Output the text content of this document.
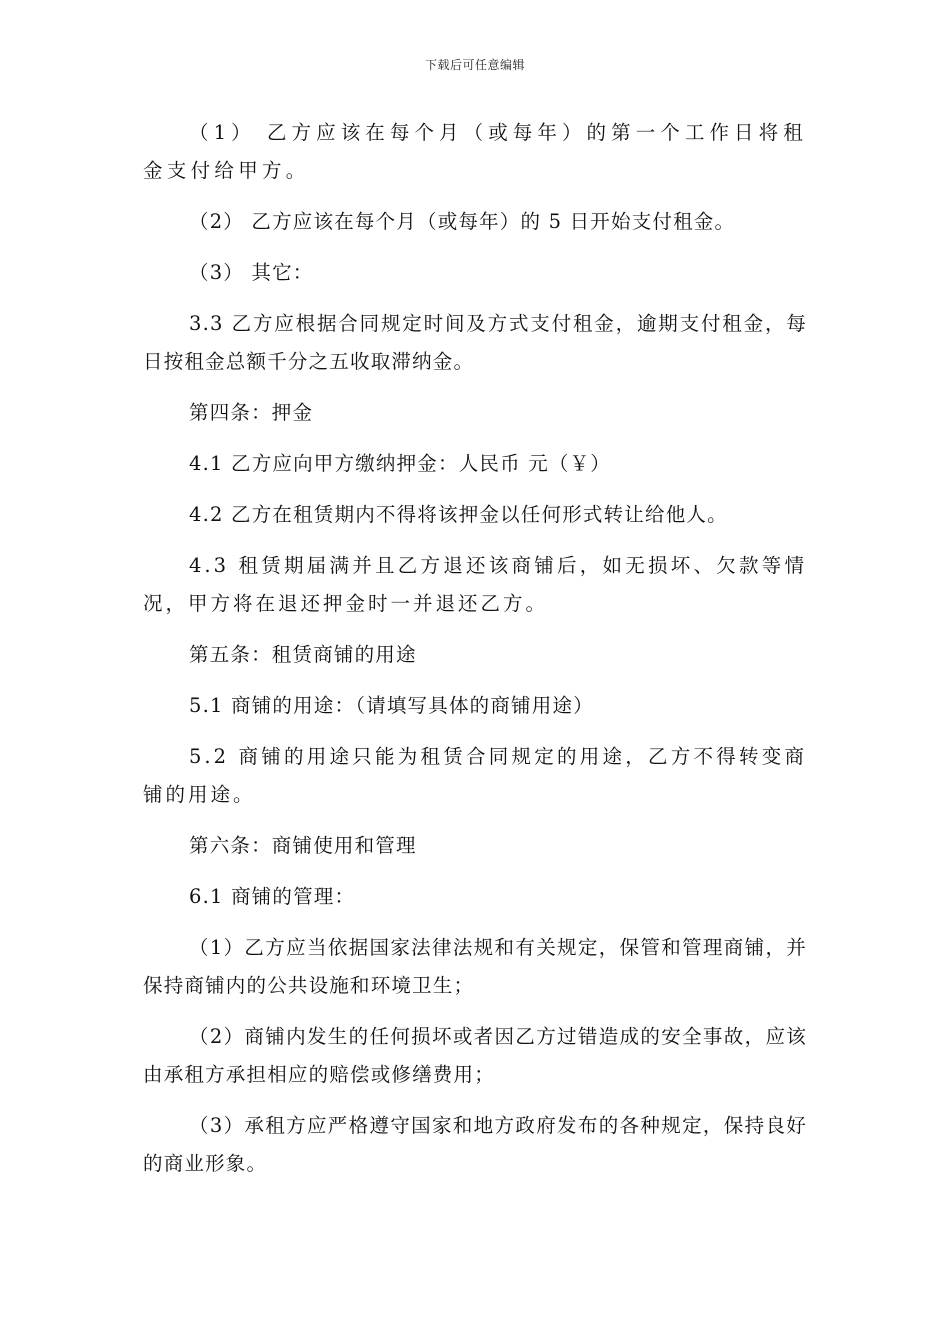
下载后可任意编辑

（1） 乙方应该在每个月（或每年）的第一个工作日将租金支付给甲方。

（2） 乙方应该在每个月（或每年）的 5 日开始支付租金。

（3） 其它：

3.3 乙方应根据合同规定时间及方式支付租金，逾期支付租金，每日按租金总额千分之五收取滞纳金。

第四条：押金

4.1 乙方应向甲方缴纳押金：人民币 元（￥）

4.2 乙方在租赁期内不得将该押金以任何形式转让给他人。

4.3 租赁期届满并且乙方退还该商铺后，如无损坏、欠款等情况，甲方将在退还押金时一并退还乙方。

第五条：租赁商铺的用途

5.1 商铺的用途：（请填写具体的商铺用途）

5.2 商铺的用途只能为租赁合同规定的用途，乙方不得转变商铺的用途。

第六条：商铺使用和管理

6.1 商铺的管理：

（1）乙方应当依据国家法律法规和有关规定，保管和管理商铺，并保持商铺内的公共设施和环境卫生；

（2）商铺内发生的任何损坏或者因乙方过错造成的安全事故，应该由承租方承担相应的赔偿或修缮费用；

（3）承租方应严格遵守国家和地方政府发布的各种规定，保持良好的商业形象。
